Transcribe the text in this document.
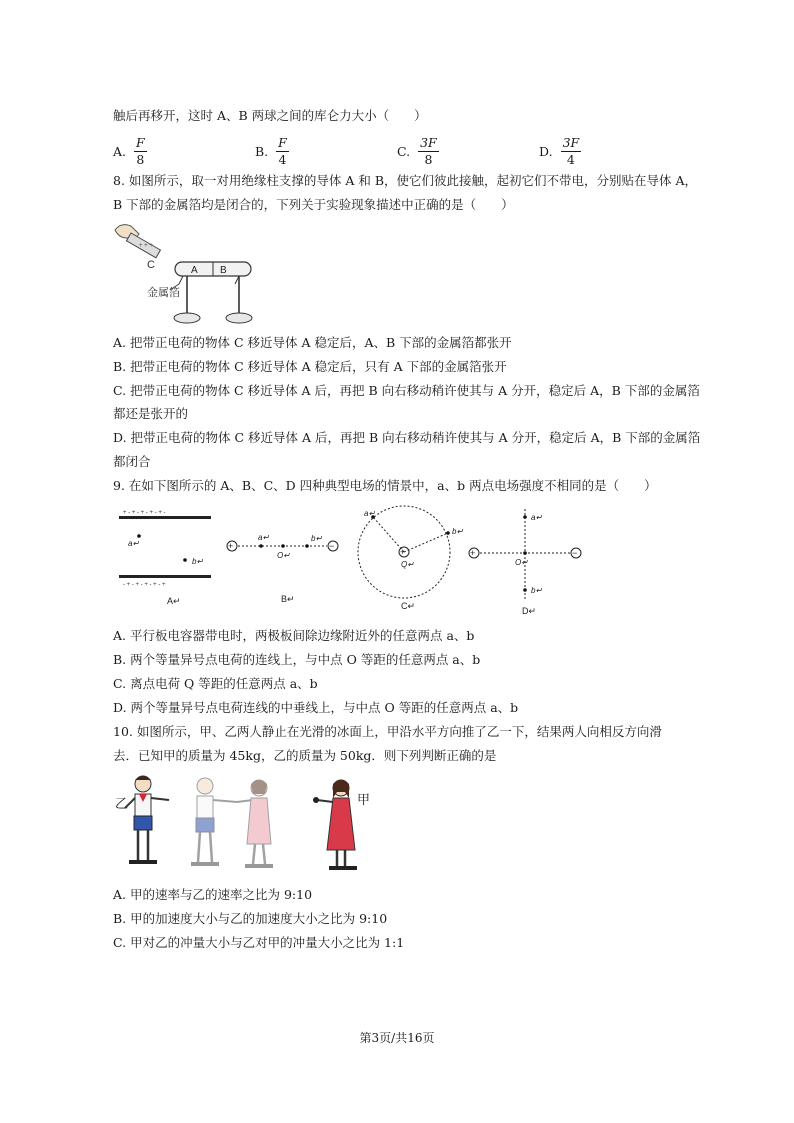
触后再移开，这时 A、B 两球之间的库仑力大小（　　）
A. $\frac{F}{8}$	B. $\frac{F}{4}$	C. $\frac{3F}{8}$	D. $\frac{3F}{4}$
8. 如图所示，取一对用绝缘柱支撑的导体 A 和 B，使它们彼此接触，起初它们不带电，分别贴在导体 A，
B 下部的金属箔均是闭合的，下列关于实验现象描述中正确的是（　　）
+ + +
C	A B
金属箔
A. 把带正电荷的物体 C 移近导体 A 稳定后，A、B 下部的金属箔都张开
B. 把带正电荷的物体 C 移近导体 A 稳定后，只有 A 下部的金属箔张开
C. 把带正电荷的物体 C 移近导体 A 后，再把 B 向右移动稍许使其与 A 分开，稳定后 A，B 下部的金属箔
都还是张开的
D. 把带正电荷的物体 C 移近导体 A 后，再把 B 向右移动稍许使其与 A 分开，稳定后 A，B 下部的金属箔
都闭合
9. 在如下图所示的 A、B、C、D 四种典型电场的情景中，a、b 两点电场强度不相同的是（　　）
+ - + - + - + - + -
- + - + - + - + - +
a↵
b↵
A↵
+	−
a↵
O↵
b↵
B↵
+
a↵
b↵
Q↵
C↵
+	−
a↵
O↵
b↵
D↵
A. 平行板电容器带电时，两极板间除边缘附近外的任意两点 a、b
B. 两个等量异号点电荷的连线上，与中点 O 等距的任意两点 a、b
C. 离点电荷 Q 等距的任意两点 a、b
D. 两个等量异号点电荷连线的中垂线上，与中点 O 等距的任意两点 a、b
10. 如图所示，甲、乙两人静止在光滑的冰面上，甲沿水平方向推了乙一下，结果两人向相反方向滑
去．已知甲的质量为 45kg，乙的质量为 50kg．则下列判断正确的是
乙	甲
A. 甲的速率与乙的速率之比为 9:10
B. 甲的加速度大小与乙的加速度大小之比为 9:10
C. 甲对乙的冲量大小与乙对甲的冲量大小之比为 1:1
第3页/共16页
